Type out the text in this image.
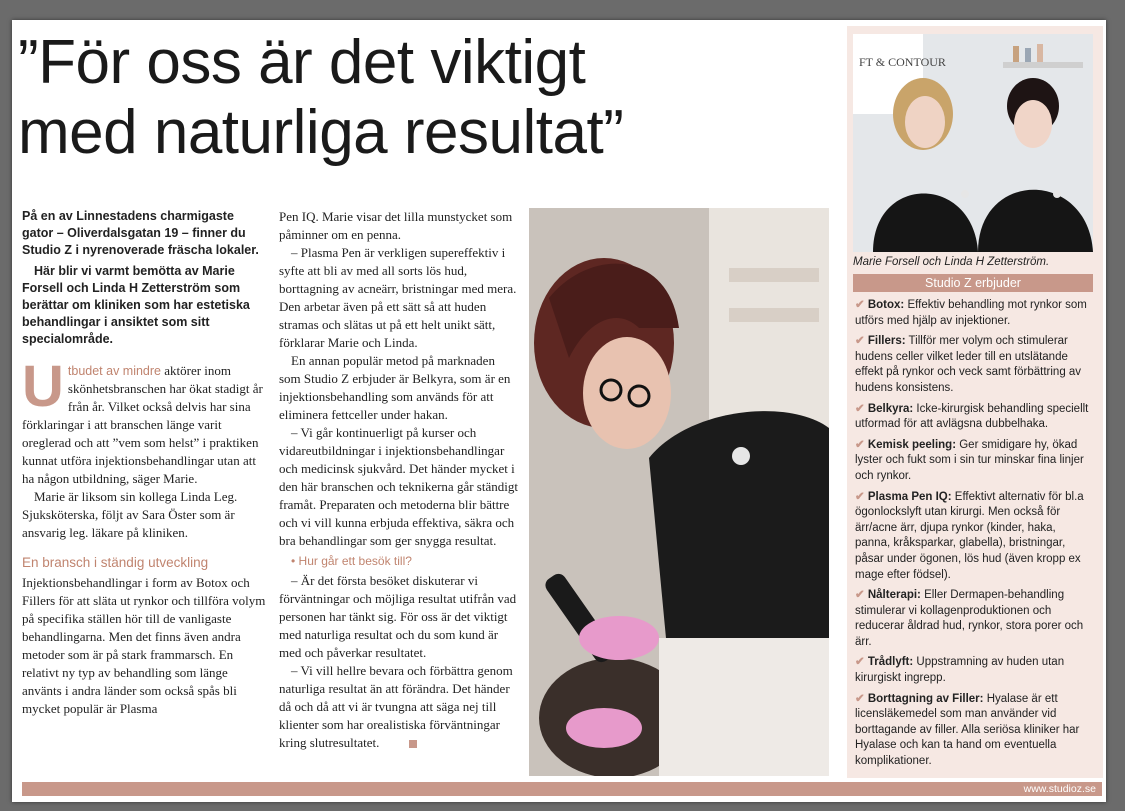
”För oss är det viktigt
med naturliga resultat”

På en av Linnestadens charmigaste gator – Oliverdalsgatan 19 – finner du Studio Z i nyrenoverade fräscha lokaler.

Här blir vi varmt bemötta av Marie Forsell och Linda H Zetterström som berättar om kliniken som har estetiska behandlingar i ansiktet som sitt specialområde.

U tbudet av mindre aktörer inom skönhetsbranschen har ökat stadigt år från år. Vilket också delvis har sina förklaringar i att branschen länge varit oreglerad och att ”vem som helst” i praktiken kunnat utföra injektionsbehandlingar utan att ha någon utbildning, säger Marie.

Marie är liksom sin kollega Linda Leg. Sjuksköterska, följt av Sara Öster som är ansvarig leg. läkare på kliniken.

En bransch i ständig utveckling

Injektionsbehandlingar i form av Botox och Fillers för att släta ut rynkor och tillföra volym på specifika ställen hör till de vanligaste behandlingarna. Men det finns även andra metoder som är på stark frammarsch. En relativt ny typ av behandling som länge använts i andra länder som också spås bli mycket populär är Plasma

Pen IQ. Marie visar det lilla munstycket som påminner om en penna.

– Plasma Pen är verkligen supereffektiv i syfte att bli av med all sorts lös hud, borttagning av acneärr, bristningar med mera. Den arbetar även på ett sätt så att huden stramas och slätas ut på ett helt unikt sätt, förklarar Marie och Linda.

En annan populär metod på marknaden som Studio Z erbjuder är Belkyra, som är en injektionsbehandling som används för att eliminera fettceller under hakan.

– Vi går kontinuerligt på kurser och vidareutbildningar i injektionsbehandlingar och medicinsk sjukvård. Det händer mycket i den här branschen och teknikerna går ständigt framåt. Preparaten och metoderna blir bättre och vi vill kunna erbjuda effektiva, säkra och bra behandlingar som ger snygga resultat.

• Hur går ett besök till?

– Är det första besöket diskuterar vi förväntningar och möjliga resultat utifrån vad personen har tänkt sig. För oss är det viktigt med naturliga resultat och du som kund är med och påverkar resultatet.

– Vi vill hellre bevara och förbättra genom naturliga resultat än att förändra. Det händer då och då att vi är tvungna att säga nej till klienter som har orealistiska förväntningar kring slutresultatet.

FT & CONTOUR
Marie Forsell och Linda H Zetterström.
Studio Z erbjuder
✔ Botox: Effektiv behandling mot rynkor som utförs med hjälp av injektioner.
✔ Fillers: Tillför mer volym och stimulerar hudens celler vilket leder till en utslätande effekt på rynkor och veck samt förbättring av hudens konsistens.
✔ Belkyra: Icke-kirurgisk behandling speciellt utformad för att avlägsna dubbelhaka.
✔ Kemisk peeling: Ger smidigare hy, ökad lyster och fukt som i sin tur minskar fina linjer och rynkor.
✔ Plasma Pen IQ: Effektivt alternativ för bl.a ögonlockslyft utan kirurgi. Men också för ärr/acne ärr, djupa rynkor (kinder, haka, panna, kråksparkar, glabella), bristningar, påsar under ögonen, lös hud (även kropp ex mage efter födsel).
✔ Nålterapi: Eller Dermapen-behandling stimulerar vi kollagenproduktionen och reducerar åldrad hud, rynkor, stora porer och ärr.
✔ Trådlyft: Uppstramning av huden utan kirurgiskt ingrepp.
✔ Borttagning av Filler: Hyalase är ett licensläkemedel som man använder vid borttagande av filler. Alla seriösa kliniker har Hyalase och kan ta hand om eventuella komplikationer.
www.studioz.se
